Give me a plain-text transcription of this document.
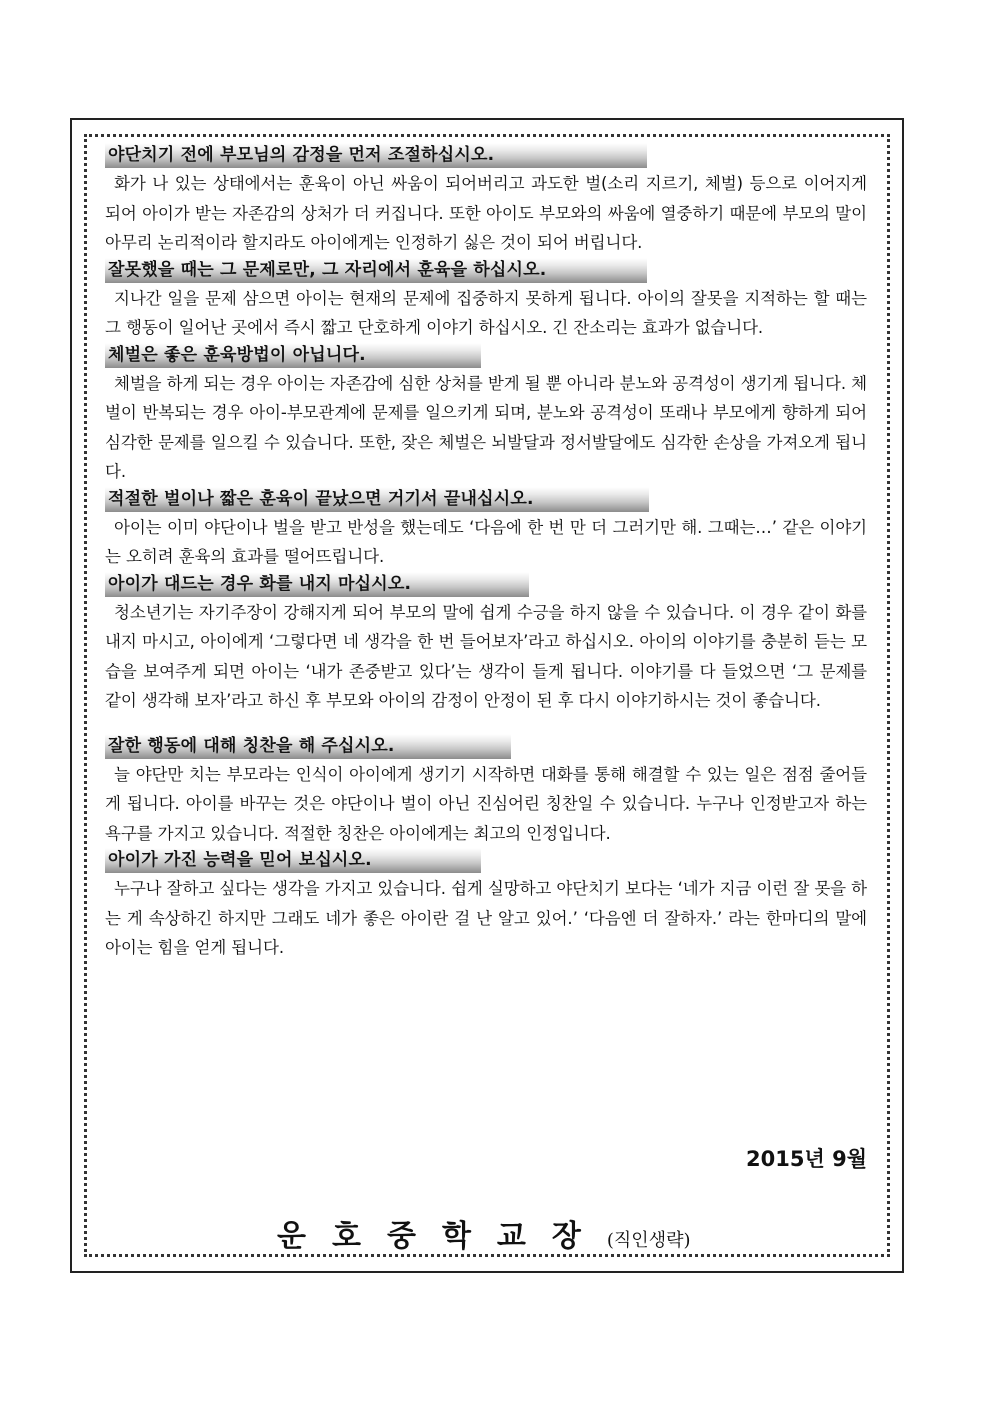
야단치기 전에 부모님의 감정을 먼저 조절하십시오.

화가 나 있는 상태에서는 훈육이 아닌 싸움이 되어버리고 과도한 벌(소리 지르기, 체벌) 등으로 이어지게 되어 아이가 받는 자존감의 상처가 더 커집니다. 또한 아이도 부모와의 싸움에 열중하기 때문에 부모의 말이 아무리 논리적이라 할지라도 아이에게는 인정하기 싫은 것이 되어 버립니다.

잘못했을 때는 그 문제로만, 그 자리에서 훈육을 하십시오.

지나간 일을 문제 삼으면 아이는 현재의 문제에 집중하지 못하게 됩니다. 아이의 잘못을 지적하는 할 때는 그 행동이 일어난 곳에서 즉시 짧고 단호하게 이야기 하십시오. 긴 잔소리는 효과가 없습니다.

체벌은 좋은 훈육방법이 아닙니다.

체벌을 하게 되는 경우 아이는 자존감에 심한 상처를 받게 될 뿐 아니라 분노와 공격성이 생기게 됩니다. 체벌이 반복되는 경우 아이-부모관계에 문제를 일으키게 되며, 분노와 공격성이 또래나 부모에게 향하게 되어 심각한 문제를 일으킬 수 있습니다. 또한, 잦은 체벌은 뇌발달과 정서발달에도 심각한 손상을 가져오게 됩니다.

적절한 벌이나 짧은 훈육이 끝났으면 거기서 끝내십시오.

아이는 이미 야단이나 벌을 받고 반성을 했는데도 ‘다음에 한 번 만 더 그러기만 해. 그때는…’ 같은 이야기는 오히려 훈육의 효과를 떨어뜨립니다.

아이가 대드는 경우 화를 내지 마십시오.

청소년기는 자기주장이 강해지게 되어 부모의 말에 쉽게 수긍을 하지 않을 수 있습니다. 이 경우 같이 화를 내지 마시고, 아이에게 ‘그렇다면 네 생각을 한 번 들어보자’라고 하십시오. 아이의 이야기를 충분히 듣는 모습을 보여주게 되면 아이는 ‘내가 존중받고 있다’는 생각이 들게 됩니다. 이야기를 다 들었으면 ‘그 문제를 같이 생각해 보자’라고 하신 후 부모와 아이의 감정이 안정이 된 후 다시 이야기하시는 것이 좋습니다.

잘한 행동에 대해 칭찬을 해 주십시오.

늘 야단만 치는 부모라는 인식이 아이에게 생기기 시작하면 대화를 통해 해결할 수 있는 일은 점점 줄어들게 됩니다. 아이를 바꾸는 것은 야단이나 벌이 아닌 진심어린 칭찬일 수 있습니다. 누구나 인정받고자 하는 욕구를 가지고 있습니다. 적절한 칭찬은 아이에게는 최고의 인정입니다.

아이가 가진 능력을 믿어 보십시오.

누구나 잘하고 싶다는 생각을 가지고 있습니다. 쉽게 실망하고 야단치기 보다는 ‘네가 지금 이런 잘 못을 하는 게 속상하긴 하지만 그래도 네가 좋은 아이란 걸 난 알고 있어.’ ‘다음엔 더 잘하자.’ 라는 한마디의 말에 아이는 힘을 얻게 됩니다.

2015년 9월
운호중학교장(직인생략)
